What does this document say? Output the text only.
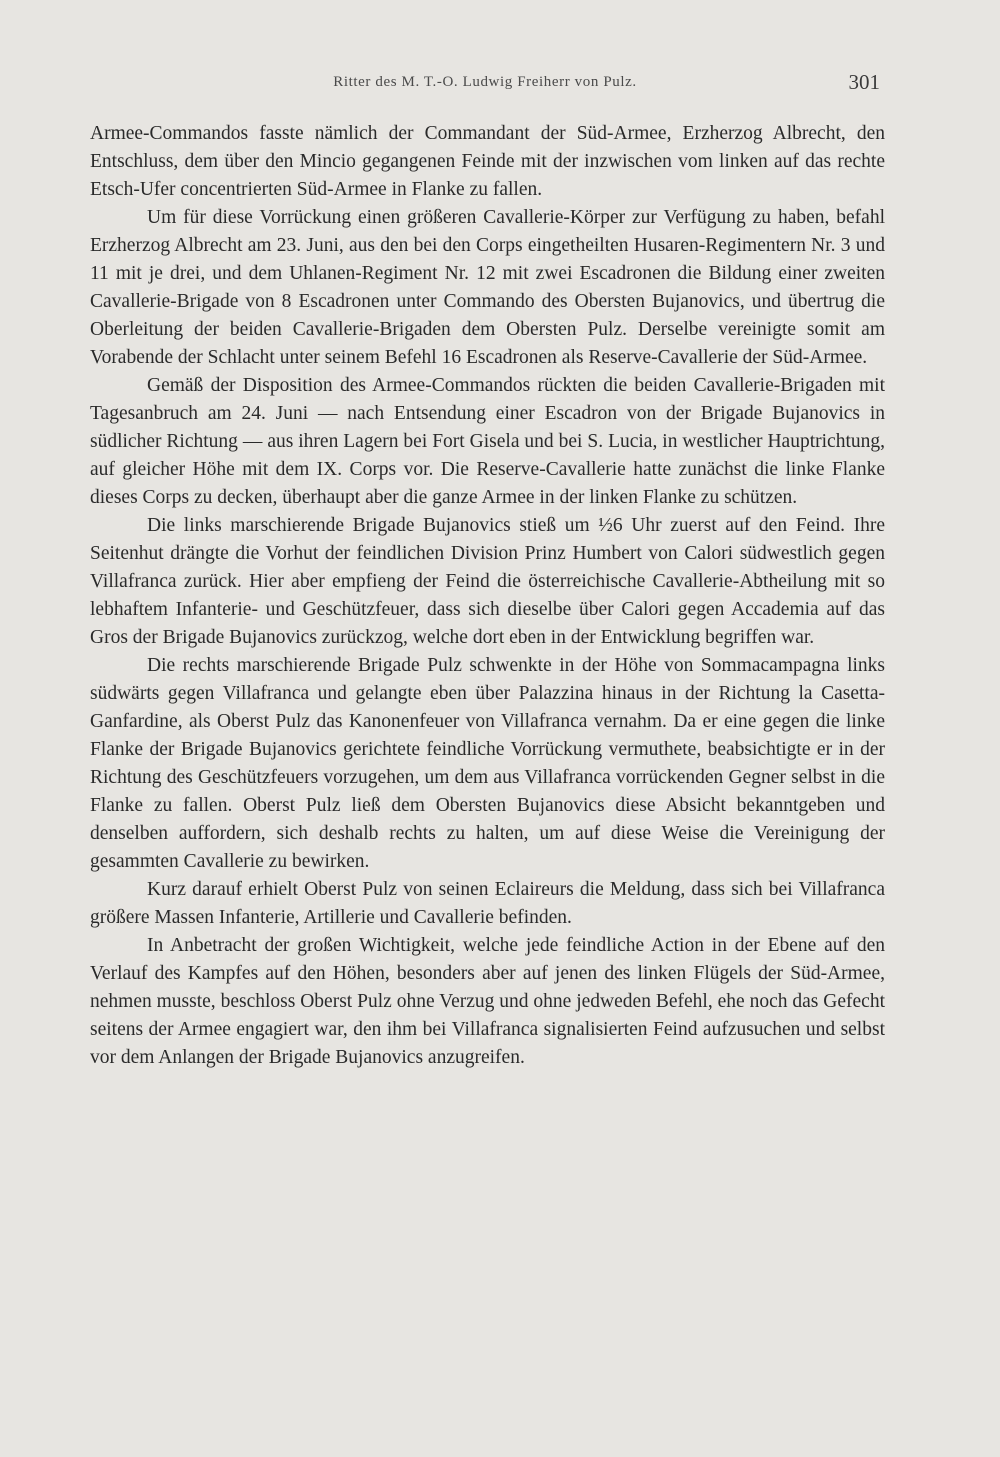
Ritter des M. T.-O. Ludwig Freiherr von Pulz.	301

Armee-Commandos fasste nämlich der Commandant der Süd-Armee, Erzherzog Albrecht, den Entschluss, dem über den Mincio gegangenen Feinde mit der inzwischen vom linken auf das rechte Etsch-Ufer concentrierten Süd-Armee in Flanke zu fallen.

Um für diese Vorrückung einen größeren Cavallerie-Körper zur Verfügung zu haben, befahl Erzherzog Albrecht am 23. Juni, aus den bei den Corps eingetheilten Husaren-Regimentern Nr. 3 und 11 mit je drei, und dem Uhlanen-Regiment Nr. 12 mit zwei Escadronen die Bildung einer zweiten Cavallerie-Brigade von 8 Escadronen unter Commando des Obersten Bujanovics, und übertrug die Oberleitung der beiden Cavallerie-Brigaden dem Obersten Pulz. Derselbe vereinigte somit am Vorabende der Schlacht unter seinem Befehl 16 Escadronen als Reserve-Cavallerie der Süd-Armee.

Gemäß der Disposition des Armee-Commandos rückten die beiden Cavallerie-Brigaden mit Tagesanbruch am 24. Juni — nach Entsendung einer Escadron von der Brigade Bujanovics in südlicher Richtung — aus ihren Lagern bei Fort Gisela und bei S. Lucia, in westlicher Hauptrichtung, auf gleicher Höhe mit dem IX. Corps vor. Die Reserve-Cavallerie hatte zunächst die linke Flanke dieses Corps zu decken, überhaupt aber die ganze Armee in der linken Flanke zu schützen.

Die links marschierende Brigade Bujanovics stieß um ½6 Uhr zuerst auf den Feind. Ihre Seitenhut drängte die Vorhut der feindlichen Division Prinz Humbert von Calori südwestlich gegen Villafranca zurück. Hier aber empfieng der Feind die österreichische Cavallerie-Abtheilung mit so lebhaftem Infanterie- und Geschützfeuer, dass sich dieselbe über Calori gegen Accademia auf das Gros der Brigade Bujanovics zurückzog, welche dort eben in der Entwicklung begriffen war.

Die rechts marschierende Brigade Pulz schwenkte in der Höhe von Sommacampagna links südwärts gegen Villafranca und gelangte eben über Palazzina hinaus in der Richtung la Casetta-Ganfardine, als Oberst Pulz das Kanonenfeuer von Villafranca vernahm. Da er eine gegen die linke Flanke der Brigade Bujanovics gerichtete feindliche Vorrückung vermuthete, beabsichtigte er in der Richtung des Geschützfeuers vorzugehen, um dem aus Villafranca vorrückenden Gegner selbst in die Flanke zu fallen. Oberst Pulz ließ dem Obersten Bujanovics diese Absicht bekanntgeben und denselben auffordern, sich deshalb rechts zu halten, um auf diese Weise die Vereinigung der gesammten Cavallerie zu bewirken.

Kurz darauf erhielt Oberst Pulz von seinen Eclaireurs die Meldung, dass sich bei Villafranca größere Massen Infanterie, Artillerie und Cavallerie befinden.

In Anbetracht der großen Wichtigkeit, welche jede feindliche Action in der Ebene auf den Verlauf des Kampfes auf den Höhen, besonders aber auf jenen des linken Flügels der Süd-Armee, nehmen musste, beschloss Oberst Pulz ohne Verzug und ohne jedweden Befehl, ehe noch das Gefecht seitens der Armee engagiert war, den ihm bei Villafranca signalisierten Feind aufzusuchen und selbst vor dem Anlangen der Brigade Bujanovics anzugreifen.
